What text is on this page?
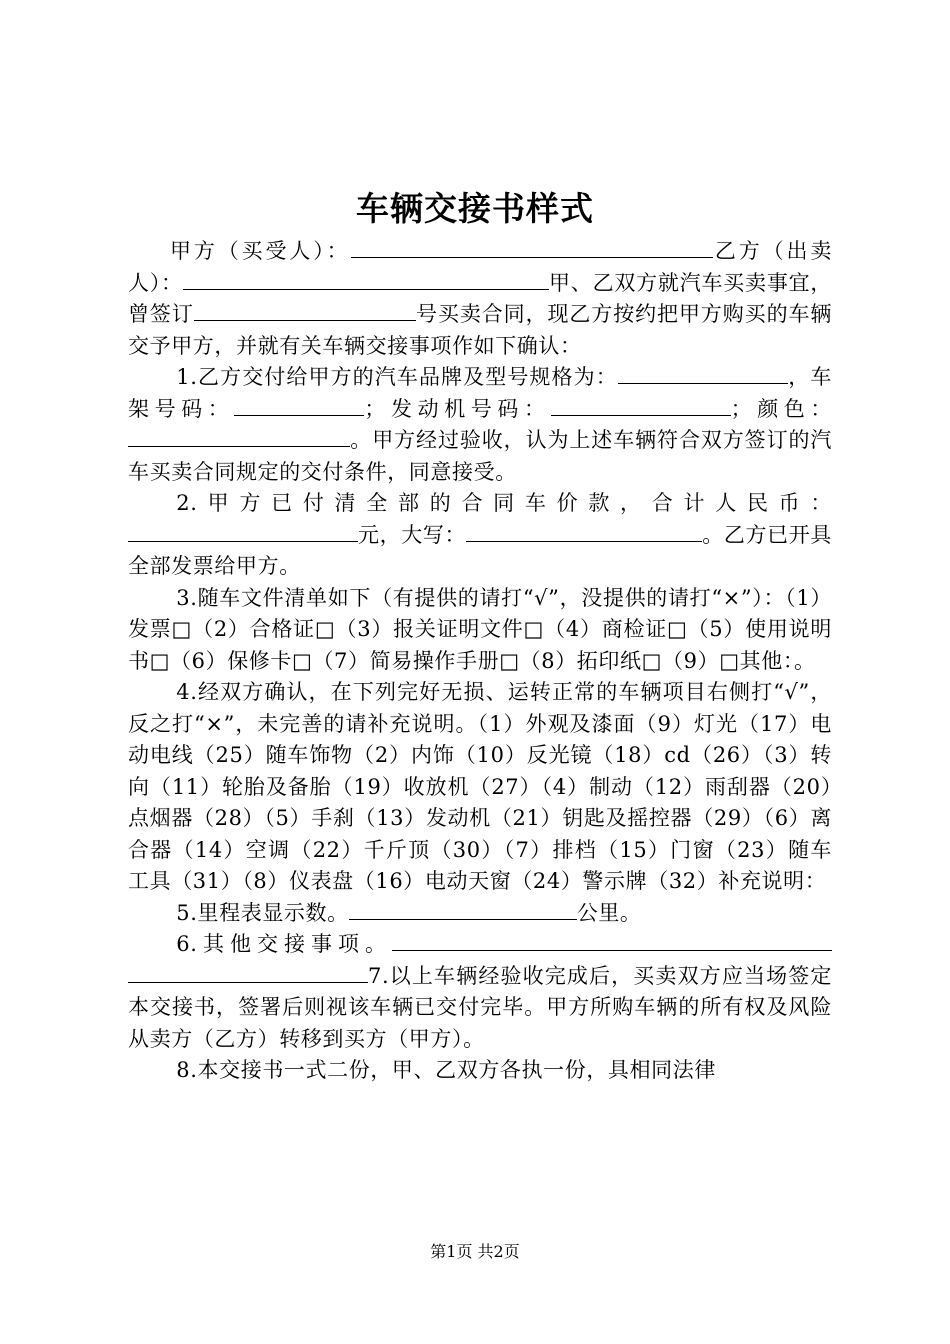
车辆交接书样式

甲方（买受人）：	乙方（出卖人）：	甲、乙双方就汽车买卖事宜，曾签订	号买卖合同，现乙方按约把甲方购买的车辆交予甲方，并就有关车辆交接事项作如下确认：

1.乙方交付给甲方的汽车品牌及型号规格为：	，车架号码：	；发动机号码：	；颜色：。甲方经过验收，认为上述车辆符合双方签订的汽车买卖合同规定的交付条件，同意接受。

2.甲方已付清全部的合同车价款，合计人民币：元，大写：	。乙方已开具全部发票给甲方。

3.随车文件清单如下（有提供的请打“√”，没提供的请打“×”）：（1）发票□（2）合格证□（3）报关证明文件□（4）商检证□（5）使用说明书□（6）保修卡□（7）简易操作手册□（8）拓印纸□（9）□其他：。

4.经双方确认，在下列完好无损、运转正常的车辆项目右侧打“√”，反之打“×”，未完善的请补充说明。（1）外观及漆面（9）灯光（17）电动电线（25）随车饰物（2）内饰（10）反光镜（18）cd（26）（3）转向（11）轮胎及备胎（19）收放机（27）（4）制动（12）雨刮器（20）点烟器（28）（5）手刹（13）发动机（21）钥匙及摇控器（29）（6）离合器（14）空调（22）千斤顶（30）（7）排档（15）门窗（23）随车工具（31）（8）仪表盘（16）电动天窗（24）警示牌（32）补充说明：

5.里程表显示数。	公里。

6.其他交接事项。7.以上车辆经验收完成后，买卖双方应当场签定本交接书，签署后则视该车辆已交付完毕。甲方所购车辆的所有权及风险从卖方（乙方）转移到买方（甲方）。

8.本交接书一式二份，甲、乙双方各执一份，具相同法律

第1页 共2页
